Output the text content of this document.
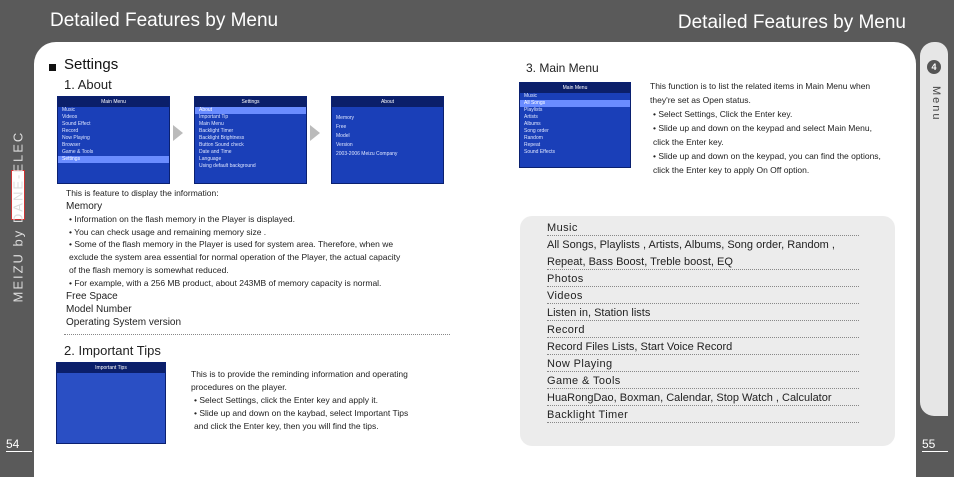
Detailed Features by Menu	Detailed Features by Menu
MEIZU by DANE-ELEC
54	55
4
Menu
Settings
1. About
Main Menu
Music
Videos
Sound Effect
Record
Now Playing
Browser
Game & Tools
Settings
Settings
About
Important Tip
Main Menu
Backlight Timer
Backlight Brightness
Button Sound check
Date and Time
Language
Using default background
About
Memory
Free
Model
Version
2003-2006 Meizu Company
This is feature to display the information:
Memory
• Information on the flash memory in the Player is displayed.
• You can check usage and remaining memory size .
• Some of the flash memory in the Player is used for system area. Therefore, when we
exclude the system area essential for normal operation of the Player, the actual capacity
of the flash memory is somewhat reduced.
• For example, with a 256 MB product, about 243MB of memory capacity is normal.
Free Space
Model Number
Operating System version
2. Important Tips
Important Tips
This is to provide the reminding information and operating
procedures on the player.
• Select Settings, click the Enter key and apply it.
• Slide up and down on the kaybad, select Important Tips
and click the Enter key, then you will find the tips.
3. Main Menu
Main Menu
Music
All Songs
Playlists
Artists
Albums
Song order
Random
Repeat
Sound Effects
This function is to list the related items in Main Menu when
they're set as Open status.
• Select Settings, Click the Enter key.
• Slide up and down on the keypad and select Main Menu,
click the Enter key.
• Slide up and down on the keypad, you can find the options,
click the Enter key to apply On Off option.
Music
All Songs, Playlists , Artists, Albums, Song order, Random ,
Repeat, Bass Boost, Treble boost, EQ
Photos
Videos
Listen in, Station lists
Record
Record Files Lists, Start Voice Record
Now Playing
Game & Tools
HuaRongDao, Boxman, Calendar, Stop Watch , Calculator
Backlight Timer
